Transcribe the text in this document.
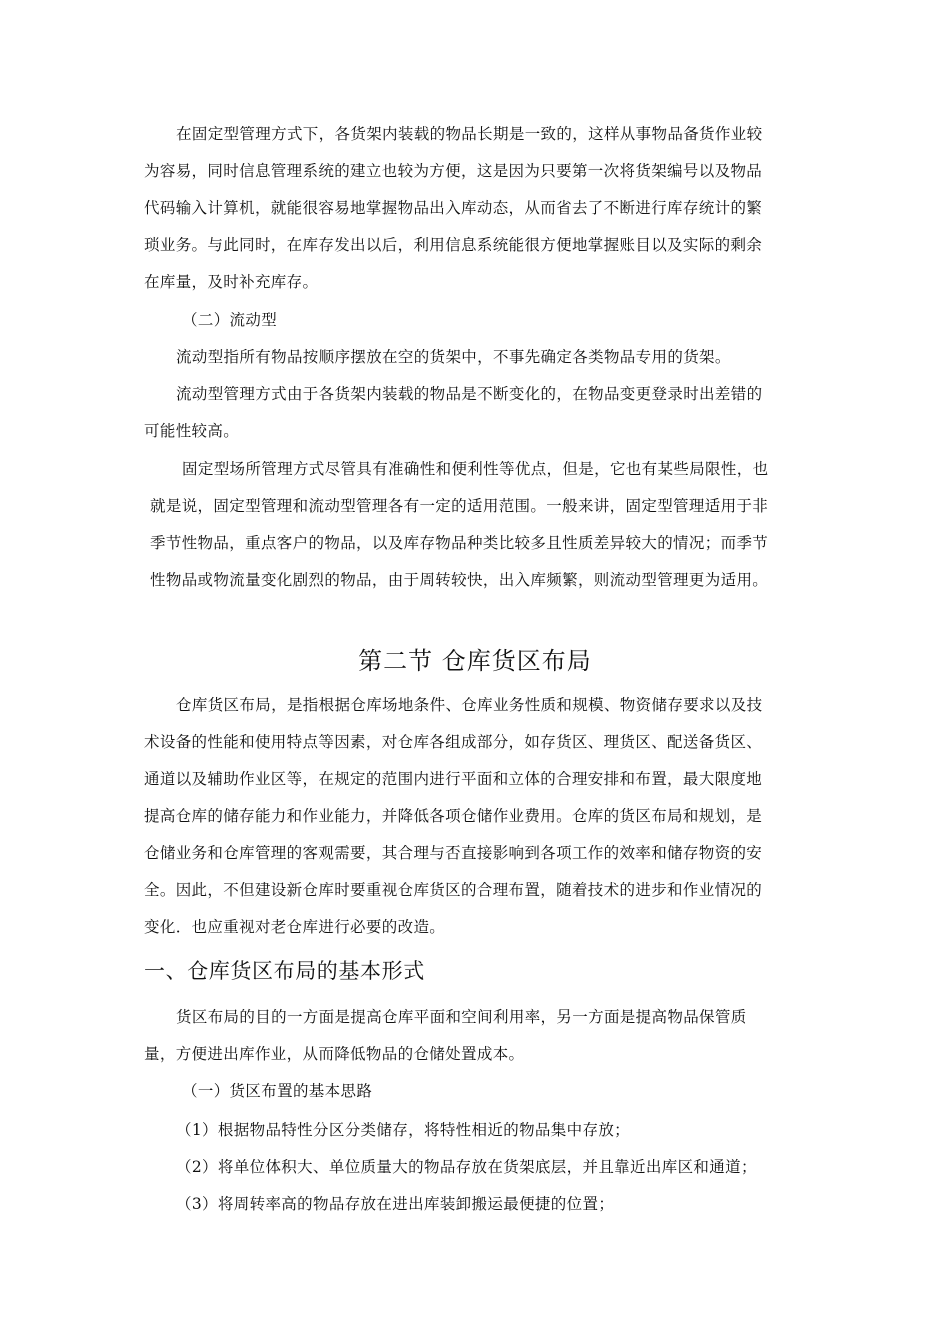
在固定型管理方式下，各货架内装载的物品长期是一致的，这样从事物品备货作业较
为容易，同时信息管理系统的建立也较为方便，这是因为只要第一次将货架编号以及物品
代码输入计算机，就能很容易地掌握物品出入库动态，从而省去了不断进行库存统计的繁
琐业务。与此同时，在库存发出以后，利用信息系统能很方便地掌握账目以及实际的剩余
在库量，及时补充库存。
（二）流动型
流动型指所有物品按顺序摆放在空的货架中，不事先确定各类物品专用的货架。
流动型管理方式由于各货架内装载的物品是不断变化的，在物品变更登录时出差错的
可能性较高。
固定型场所管理方式尽管具有准确性和便利性等优点，但是，它也有某些局限性，也
就是说，固定型管理和流动型管理各有一定的适用范围。一般来讲，固定型管理适用于非
季节性物品，重点客户的物品，以及库存物品种类比较多且性质差异较大的情况；而季节
性物品或物流量变化剧烈的物品，由于周转较快，出入库频繁，则流动型管理更为适用。
第二节 仓库货区布局
仓库货区布局，是指根据仓库场地条件、仓库业务性质和规模、物资储存要求以及技
术设备的性能和使用特点等因素，对仓库各组成部分，如存货区、理货区、配送备货区、
通道以及辅助作业区等，在规定的范围内进行平面和立体的合理安排和布置，最大限度地
提高仓库的储存能力和作业能力，并降低各项仓储作业费用。仓库的货区布局和规划，是
仓储业务和仓库管理的客观需要，其合理与否直接影响到各项工作的效率和储存物资的安
全。因此，不但建设新仓库时要重视仓库货区的合理布置，随着技术的进步和作业情况的
变化．也应重视对老仓库进行必要的改造。
一、仓库货区布局的基本形式
货区布局的目的一方面是提高仓库平面和空间利用率，另一方面是提高物品保管质
量，方便进出库作业，从而降低物品的仓储处置成本。
（一）货区布置的基本思路
（1）根据物品特性分区分类储存，将特性相近的物品集中存放；
（2）将单位体积大、单位质量大的物品存放在货架底层，并且靠近出库区和通道；
（3）将周转率高的物品存放在进出库装卸搬运最便捷的位置；
